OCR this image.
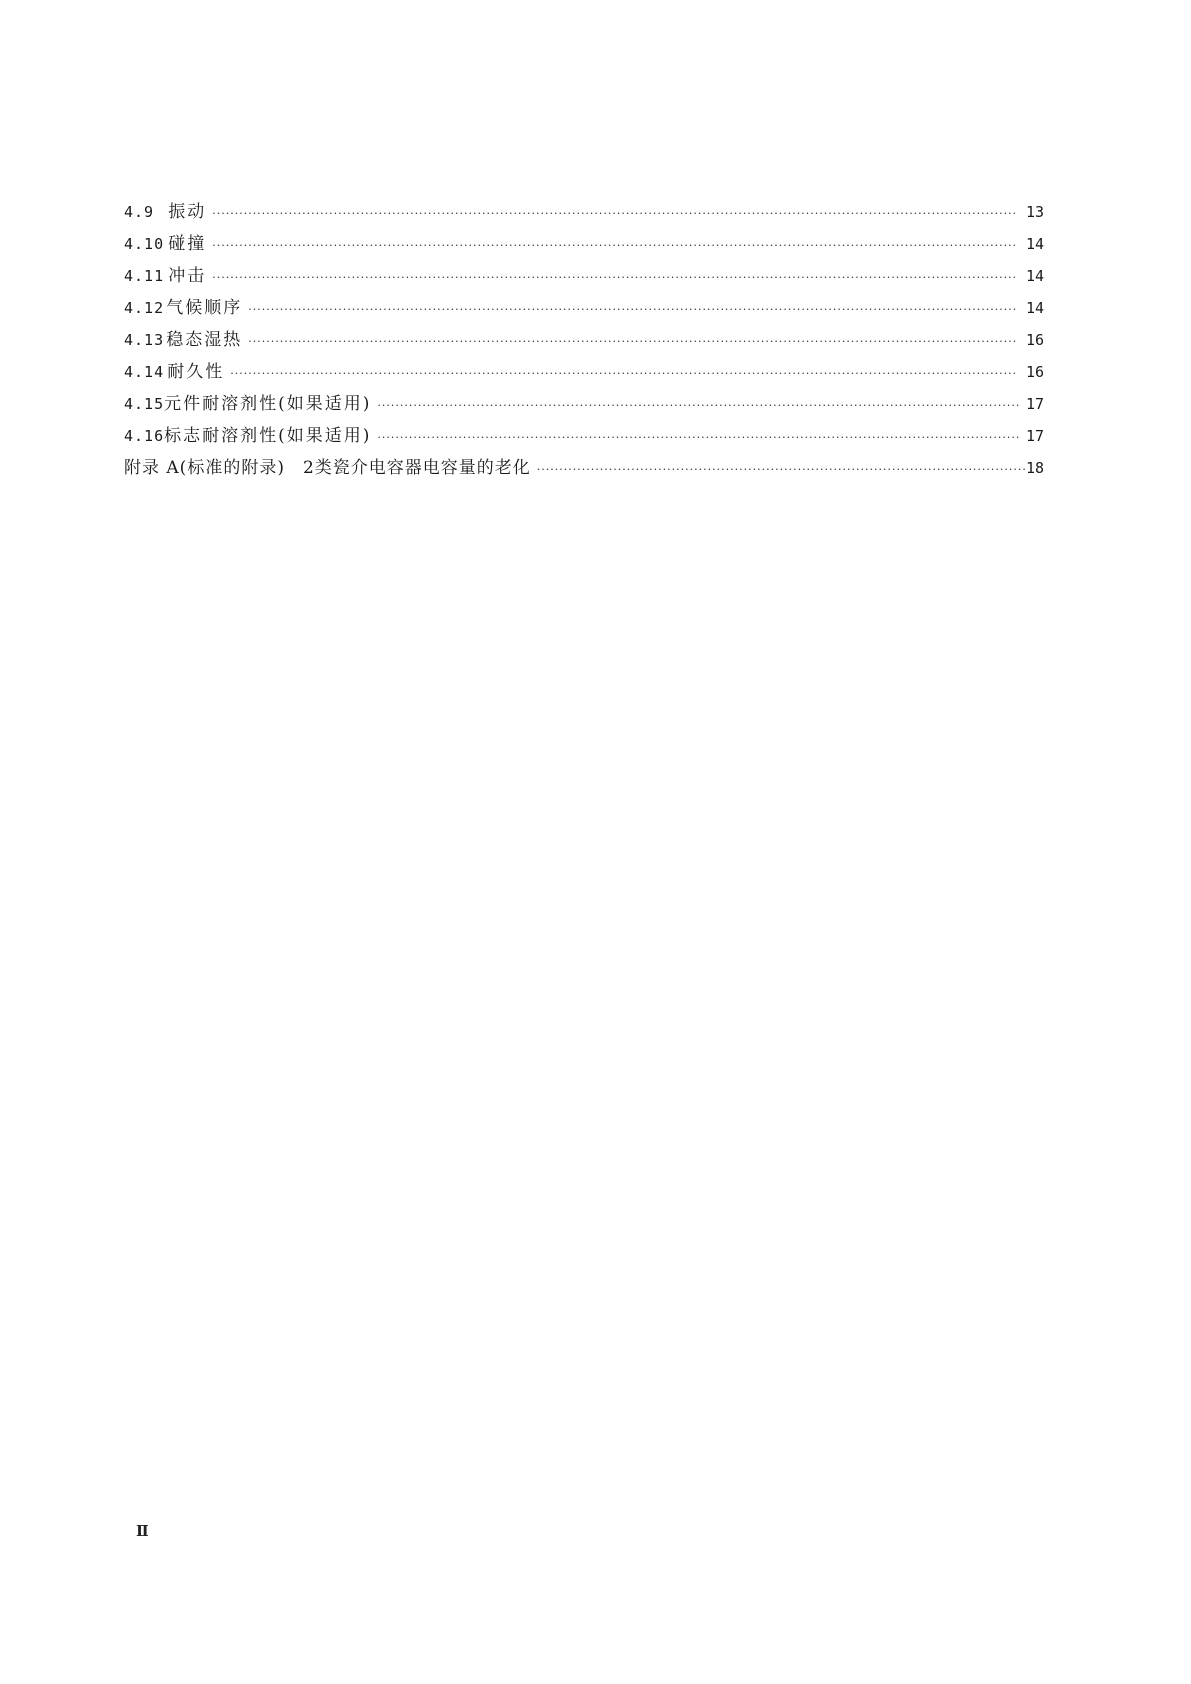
4.9 振动 ·····	13
4.10 碰撞 ·····	14
4.11 冲击 ·····	14
4.12 气候顺序 ·····	14
4.13 稳态湿热 ·····	16
4.14 耐久性 ·····	16
4.15 元件耐溶剂性(如果适用) ·····	17
4.16 标志耐溶剂性(如果适用) ·····	17
附录 A(标准的附录)　2类瓷介电容器电容量的老化 ·····	18
Ⅱ
